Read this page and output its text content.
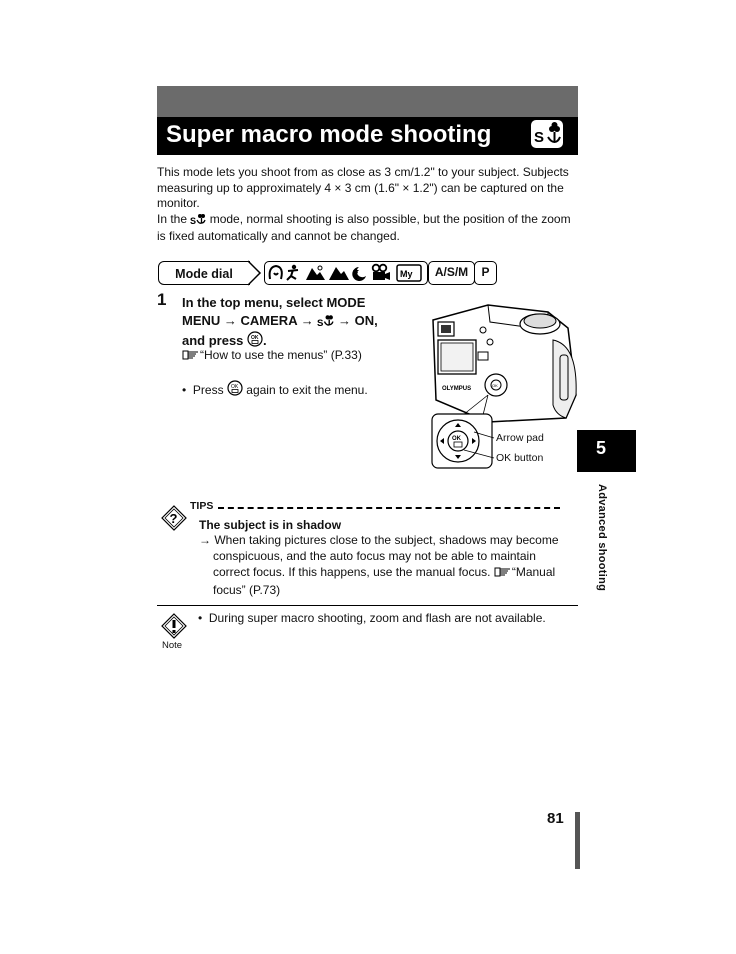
Super macro mode shooting	S

This mode lets you shoot from as close as 3 cm/1.2" to your subject. Subjects measuring up to approximately 4 × 3 cm (1.6" × 1.2") can be captured on the monitor.

In the S mode, normal shooting is also possible, but the position of the zoom is fixed automatically and cannot be changed.

Mode dial	My	A/S/M	P
1 In the top menu, select MODE
MENU → CAMERA → S → ON,
and press OK .
“How to use the menus” (P.33)
•  Press OK again to exit the menu.	OK
OLYMPUS
OK	Arrow pad
OK button	5
Advanced shooting
?
TIPS
The subject is in shadow
→ When taking pictures close to the subject, shadows may become
conspicuous, and the auto focus may not be able to maintain
correct focus. If this happens, use the manual focus. “Manual
focus” (P.73)
Note
•  During super macro shooting, zoom and flash are not available.
81
